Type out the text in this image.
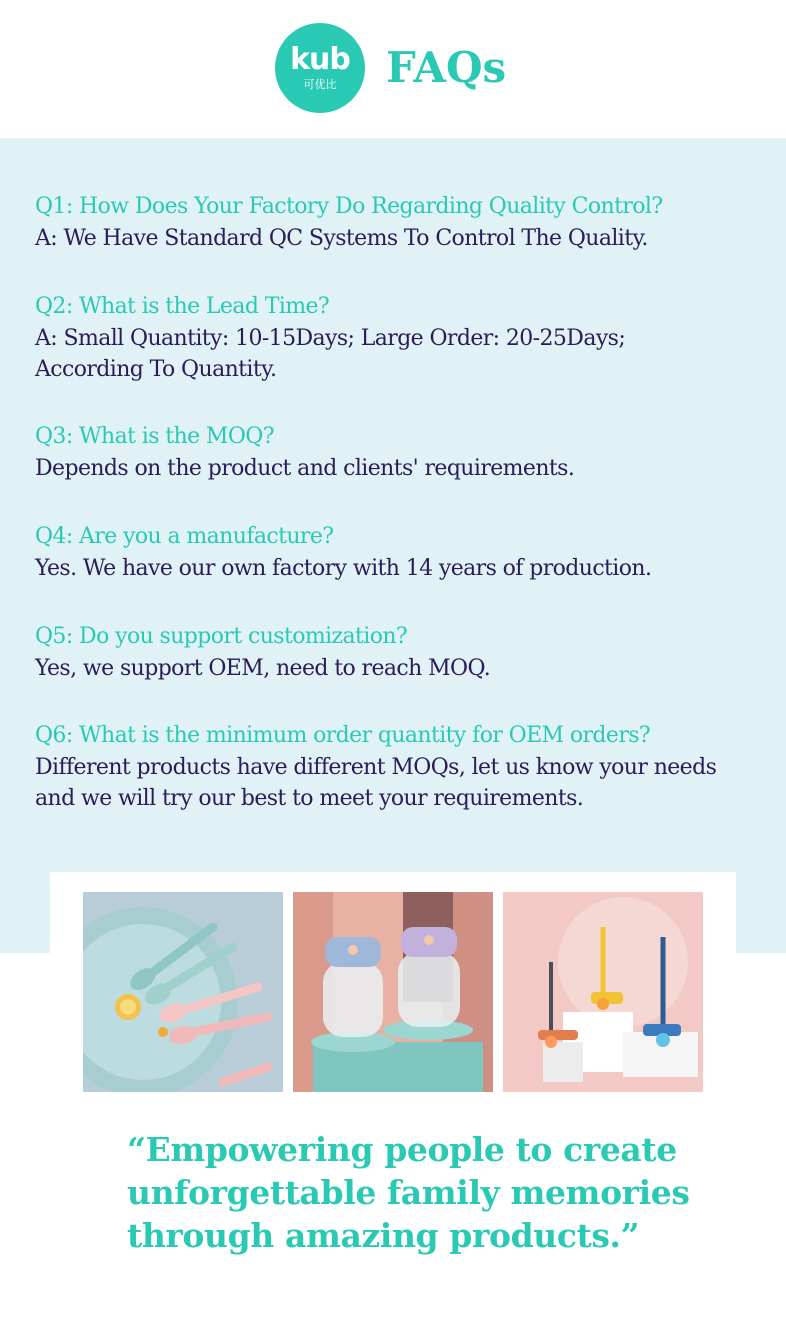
kub
可优比	FAQs
Q1: How Does Your Factory Do Regarding Quality Control?
A: We Have Standard QC Systems To Control The Quality.
Q2: What is the Lead Time?
A: Small Quantity: 10-15Days; Large Order: 20-25Days; According To Quantity.
Q3: What is the MOQ?
Depends on the product and clients' requirements.
Q4: Are you a manufacture?
Yes. We have our own factory with 14 years of production.
Q5: Do you support customization?
Yes, we support OEM, need to reach MOQ.
Q6: What is the minimum order quantity for OEM orders?
Different products have different MOQs, let us know your needs and we will try our best to meet your requirements.

“Empowering people to create unforgettable family memories through amazing products.”
